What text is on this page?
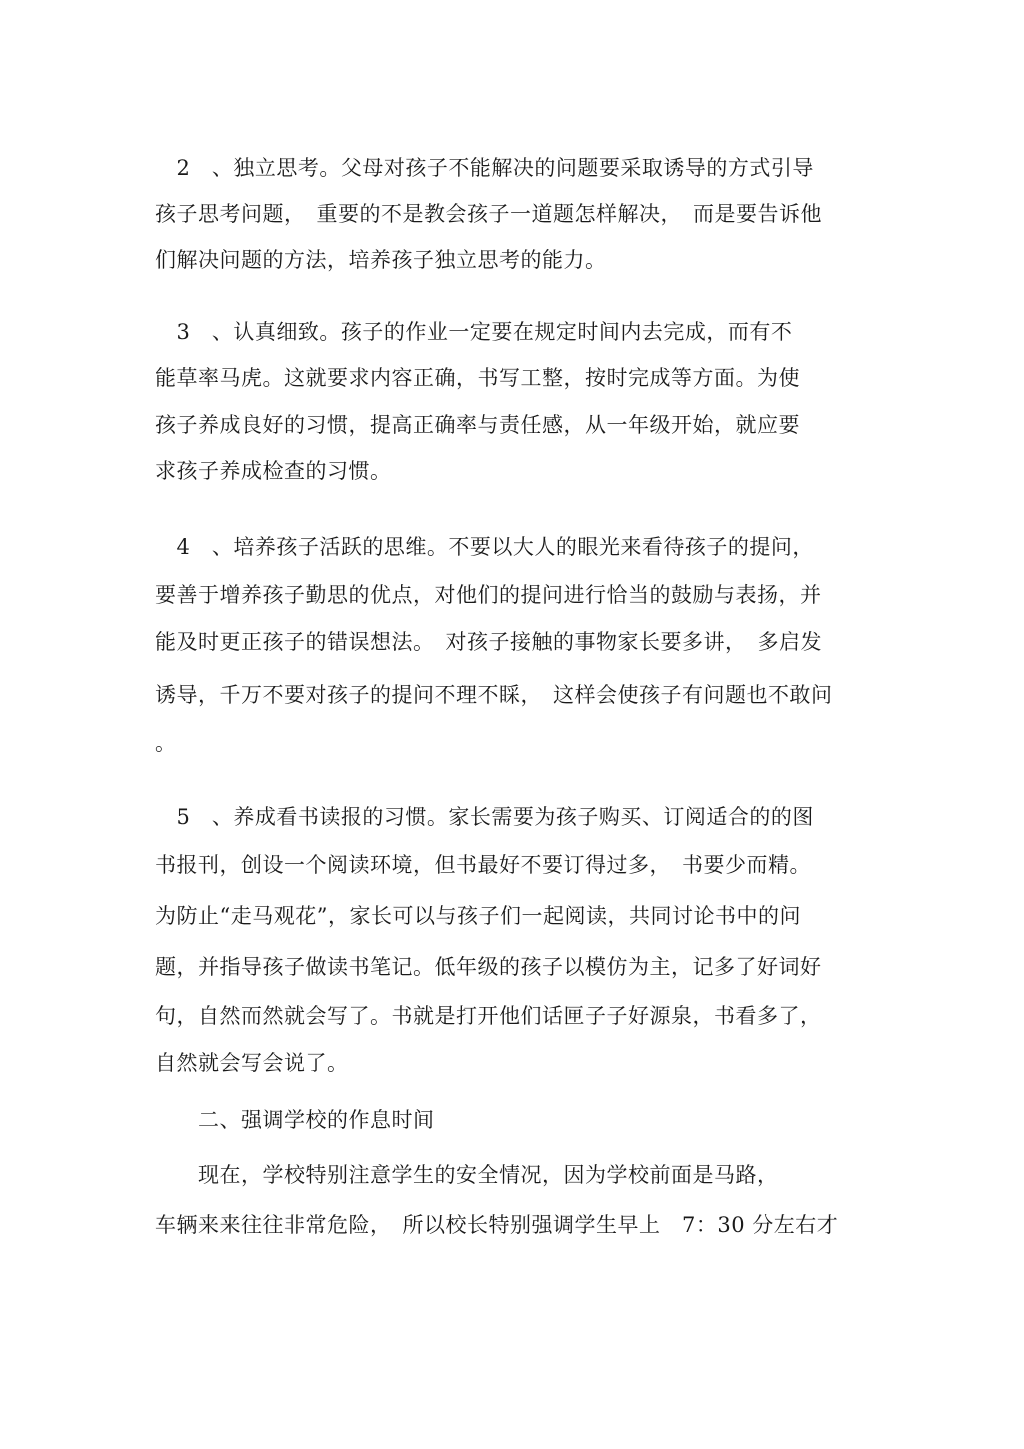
　2　、独立思考。父母对孩子不能解决的问题要采取诱导的方式引导
孩子思考问题，　重要的不是教会孩子一道题怎样解决，　而是要告诉他
们解决问题的方法，培养孩子独立思考的能力。
　3　、认真细致。孩子的作业一定要在规定时间内去完成，而有不
能草率马虎。这就要求内容正确，书写工整，按时完成等方面。为使
孩子养成良好的习惯，提高正确率与责任感，从一年级开始，就应要
求孩子养成检查的习惯。
　4　、培养孩子活跃的思维。不要以大人的眼光来看待孩子的提问，
要善于增养孩子勤思的优点，对他们的提问进行恰当的鼓励与表扬，并
能及时更正孩子的错误想法。　对孩子接触的事物家长要多讲，　多启发
诱导，千万不要对孩子的提问不理不睬，　这样会使孩子有问题也不敢问
。
　5　、养成看书读报的习惯。家长需要为孩子购买、订阅适合的的图
书报刊，创设一个阅读环境，但书最好不要订得过多，　书要少而精。
为防止“走马观花”，家长可以与孩子们一起阅读，共同讨论书中的问
题，并指导孩子做读书笔记。低年级的孩子以模仿为主，记多了好词好
句，自然而然就会写了。书就是打开他们话匣子子好源泉，书看多了，
自然就会写会说了。
　　二、强调学校的作息时间
　　现在，学校特别注意学生的安全情况，因为学校前面是马路，
车辆来来往往非常危险，　所以校长特别强调学生早上　7：30 分左右才
